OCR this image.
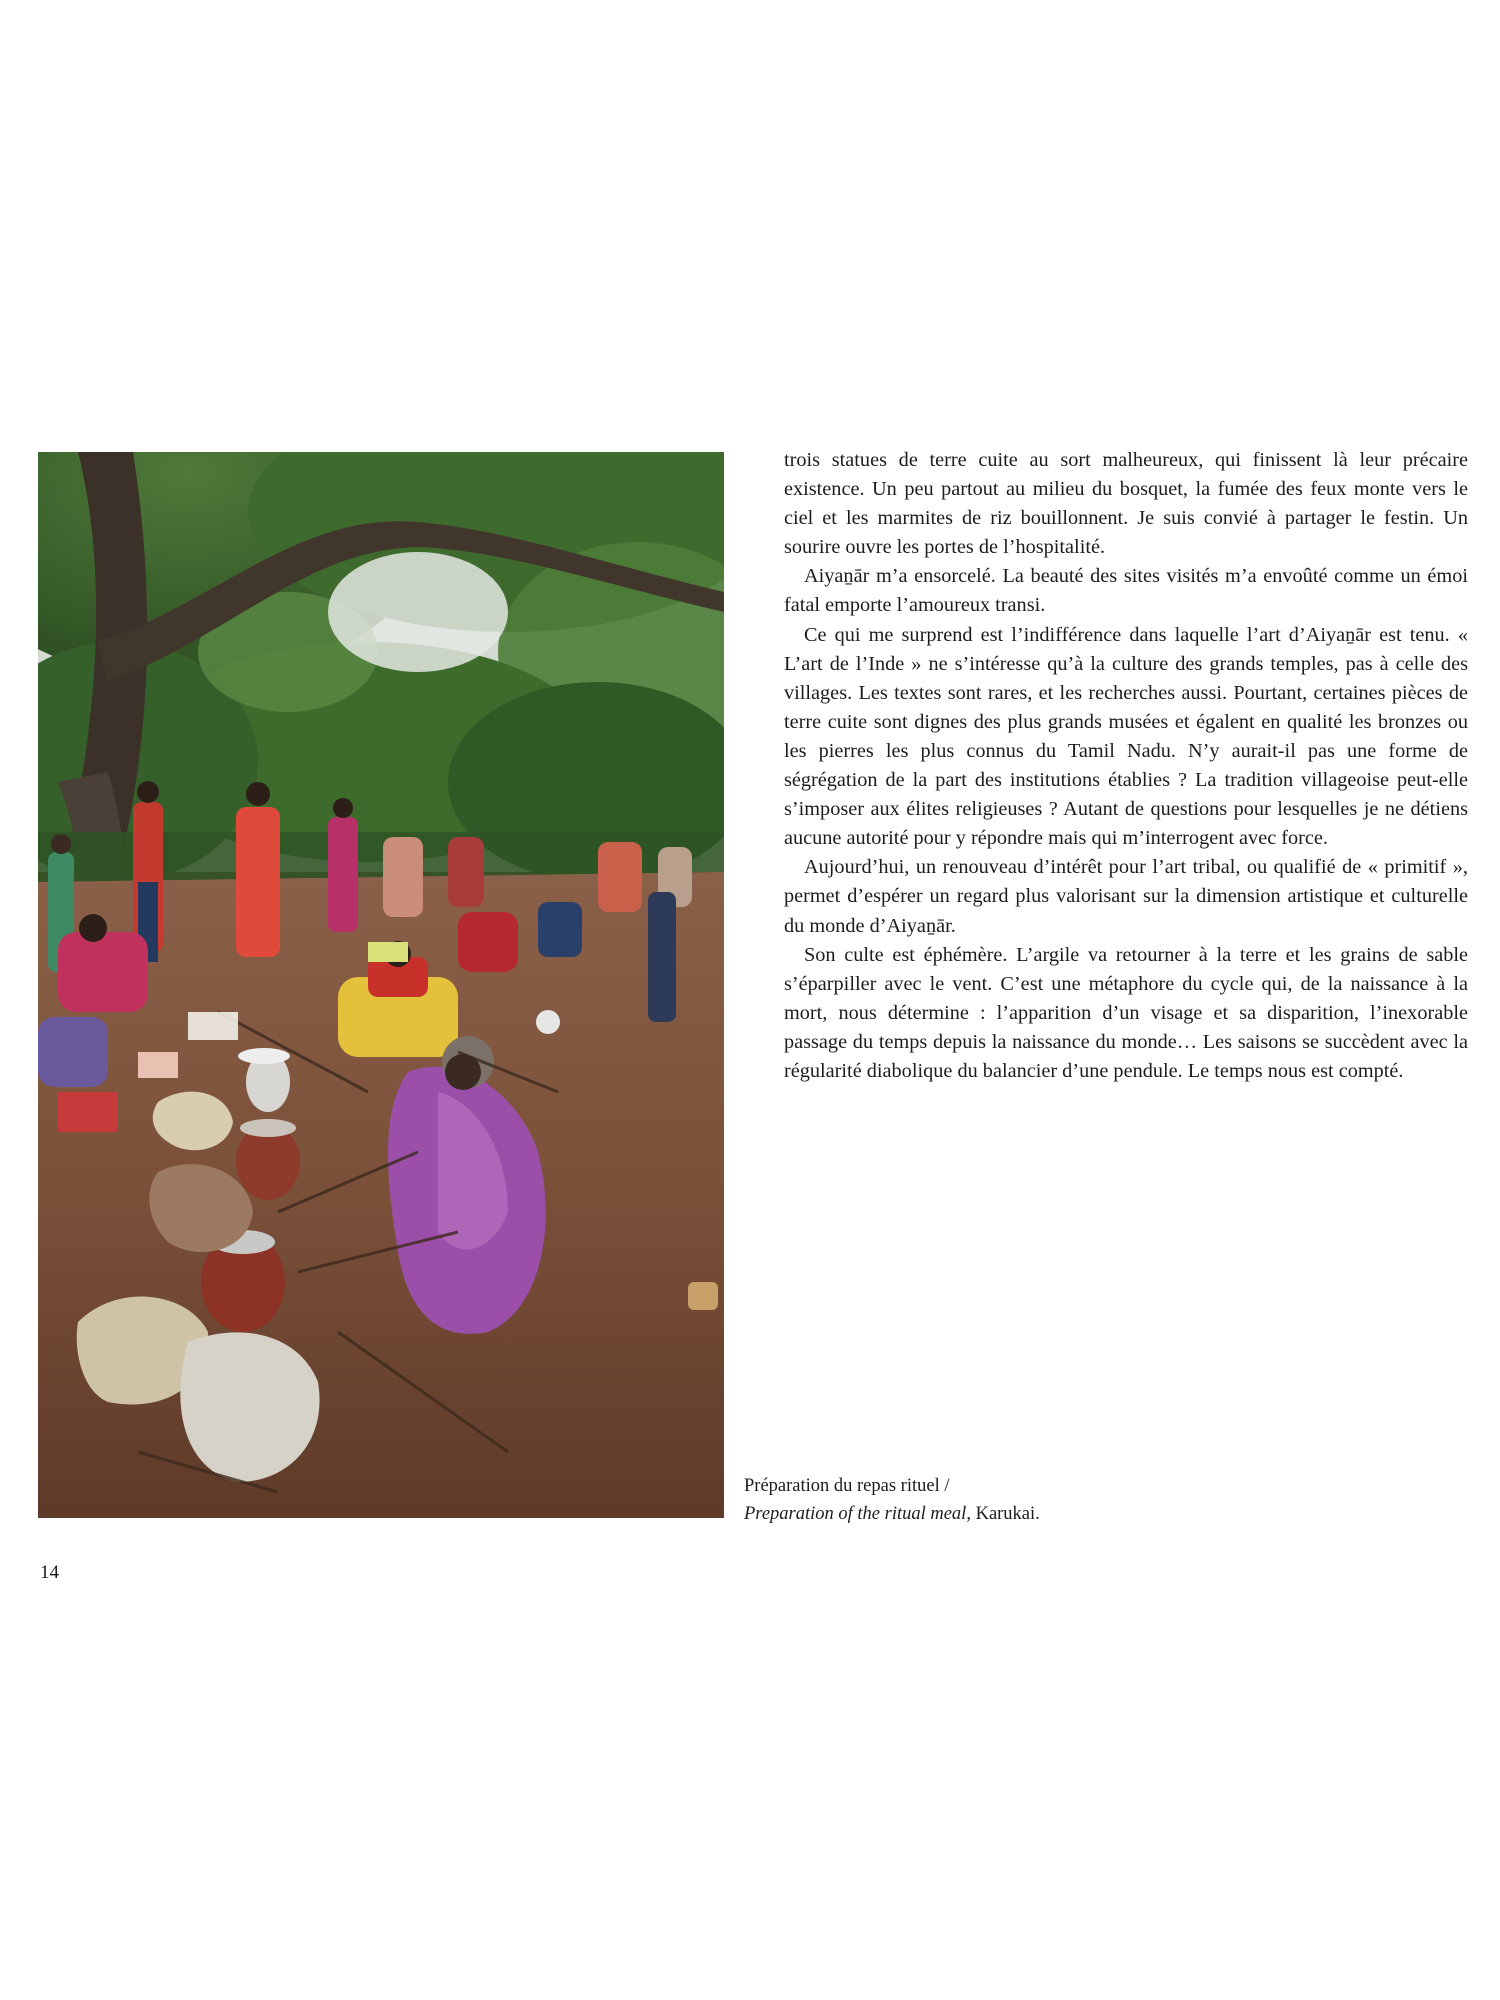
trois statues de terre cuite au sort malheureux, qui finissent là leur précaire existence. Un peu partout au milieu du bosquet, la fumée des feux monte vers le ciel et les marmites de riz bouillonnent. Je suis convié à partager le festin. Un sourire ouvre les portes de l’hospitalité.

Aiyaṉār m’a ensorcelé. La beauté des sites visités m’a envoûté comme un émoi fatal emporte l’amoureux transi.

Ce qui me surprend est l’indifférence dans laquelle l’art d’Aiyaṉār est tenu. « L’art de l’Inde » ne s’intéresse qu’à la culture des grands temples, pas à celle des villages. Les textes sont rares, et les recherches aussi. Pourtant, certaines pièces de terre cuite sont dignes des plus grands musées et égalent en qualité les bronzes ou les pierres les plus connus du Tamil Nadu. N’y aurait-il pas une forme de ségrégation de la part des institutions établies ? La tradition villageoise peut-elle s’imposer aux élites religieuses ? Autant de questions pour lesquelles je ne détiens aucune autorité pour y répondre mais qui m’interrogent avec force.

Aujourd’hui, un renouveau d’intérêt pour l’art tribal, ou qualifié de « primitif », permet d’espérer un regard plus valorisant sur la dimension artistique et culturelle du monde d’Aiyaṉār.

Son culte est éphémère. L’argile va retourner à la terre et les grains de sable s’éparpiller avec le vent. C’est une métaphore du cycle qui, de la naissance à la mort, nous détermine : l’apparition d’un visage et sa disparition, l’inexorable passage du temps depuis la naissance du monde… Les saisons se succèdent avec la régularité diabolique du balancier d’une pendule. Le temps nous est compté.

Préparation du repas rituel /
Preparation of the ritual meal, Karukai.
14
